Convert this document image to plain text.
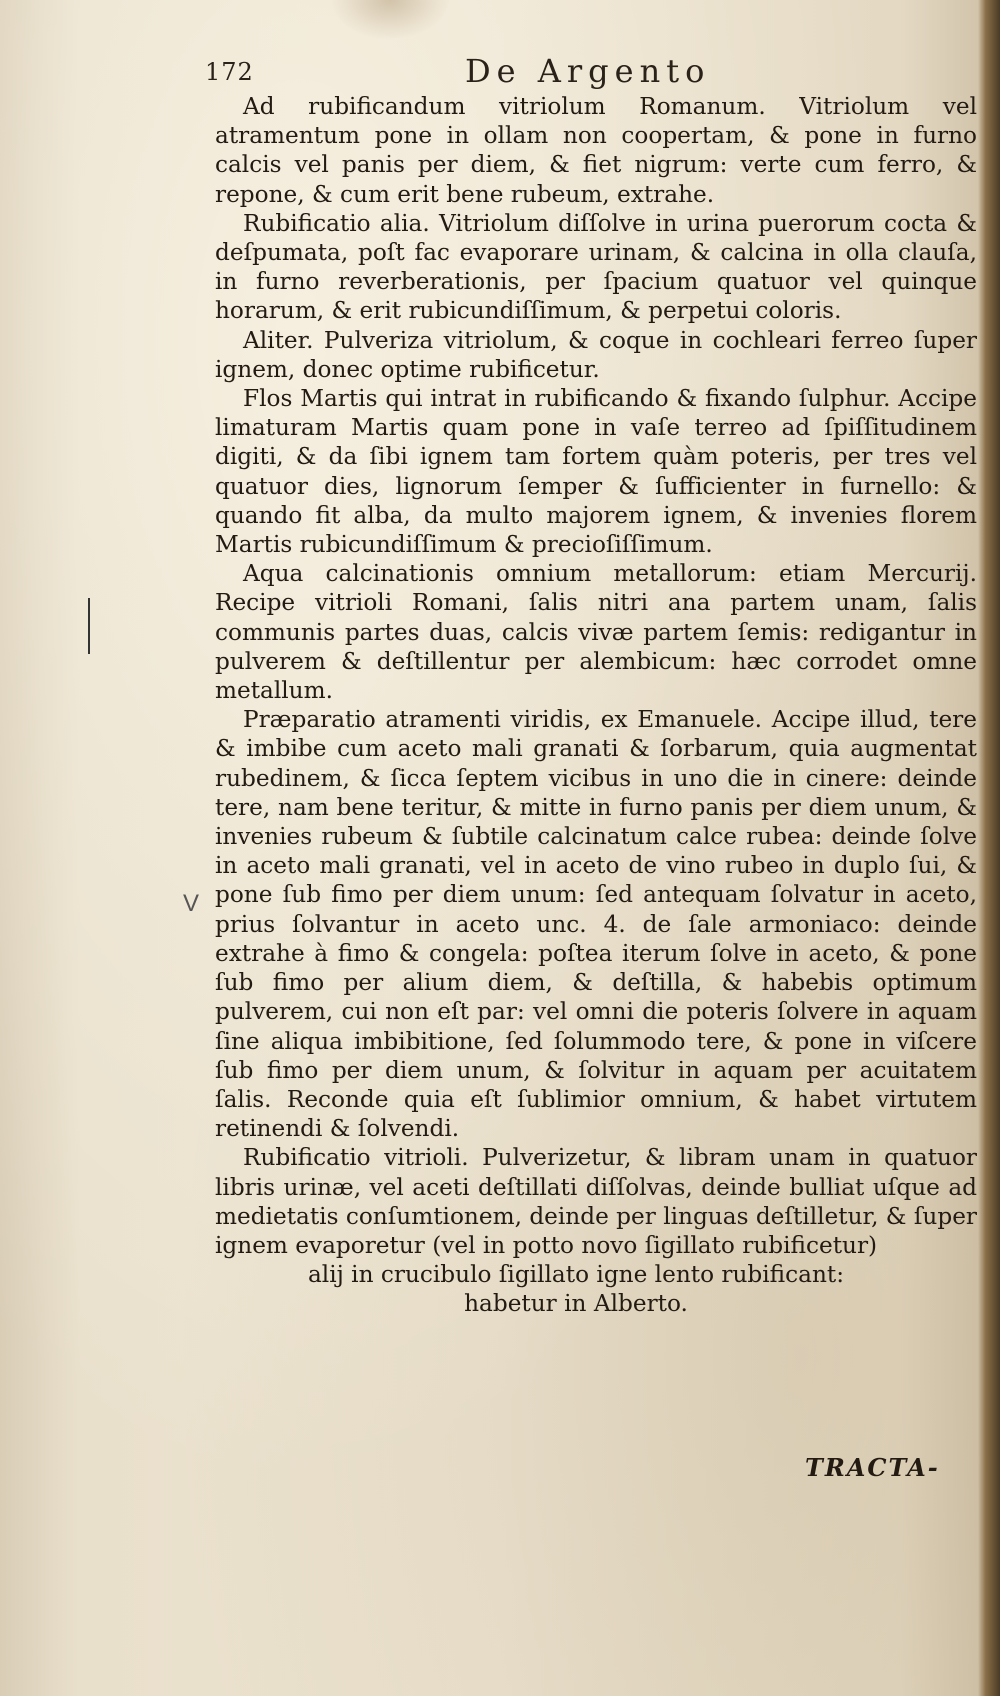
V
172	De Argento

Ad rubificandum vitriolum Romanum. Vitriolum vel atramentum pone in ollam non coopertam, & pone in furno calcis vel panis per diem, & fiet nigrum: verte cum ferro, & repone, & cum erit bene rubeum, extrahe.

Rubificatio alia. Vitriolum diſſolve in urina puerorum cocta & deſpumata, poſt fac evaporare urinam, & calcina in olla clauſa, in furno reverberationis, per ſpacium quatuor vel quinque horarum, & erit rubicundiſſimum, & perpetui coloris.

Aliter. Pulveriza vitriolum, & coque in cochleari ferreo ſuper ignem, donec optime rubificetur.

Flos Martis qui intrat in rubificando & fixando ſulphur. Accipe limaturam Martis quam pone in vaſe terreo ad ſpiſſitudinem digiti, & da ſibi ignem tam fortem quàm poteris, per tres vel quatuor dies, lignorum ſemper & ſufficienter in furnello: & quando fit alba, da multo majorem ignem, & invenies florem Martis rubicundiſſimum & precioſiſſimum.

Aqua calcinationis omnium metallorum: etiam Mercurij. Recipe vitrioli Romani, ſalis nitri ana partem unam, ſalis communis partes duas, calcis vivæ partem ſemis: redigantur in pulverem & deſtillentur per alembicum: hæc corrodet omne metallum.

Præparatio atramenti viridis, ex Emanuele. Accipe illud, tere & imbibe cum aceto mali granati & ſorbarum, quia augmentat rubedinem, & ſicca ſeptem vicibus in uno die in cinere: deinde tere, nam bene teritur, & mitte in furno panis per diem unum, & invenies rubeum & ſubtile calcinatum calce rubea: deinde ſolve in aceto mali granati, vel in aceto de vino rubeo in duplo ſui, & pone ſub fimo per diem unum: ſed antequam ſolvatur in aceto, prius ſolvantur in aceto unc. 4. de ſale armoniaco: deinde extrahe à fimo & congela: poſtea iterum ſolve in aceto, & pone ſub fimo per alium diem, & deſtilla, & habebis optimum pulverem, cui non eſt par: vel omni die poteris ſolvere in aquam ſine aliqua imbibitione, ſed ſolummodo tere, & pone in viſcere ſub fimo per diem unum, & ſolvitur in aquam per acuitatem ſalis. Reconde quia eſt ſublimior omnium, & habet virtutem retinendi & ſolvendi.

Rubificatio vitrioli. Pulverizetur, & libram unam in quatuor libris urinæ, vel aceti deſtillati diſſolvas, deinde bulliat uſque ad medietatis conſumtionem, deinde per linguas deſtilletur, & ſuper ignem evaporetur (vel in potto novo ſigillato rubificetur)

alij in crucibulo ſigillato igne lento rubificant:

habetur in Alberto.

TRACTA-
